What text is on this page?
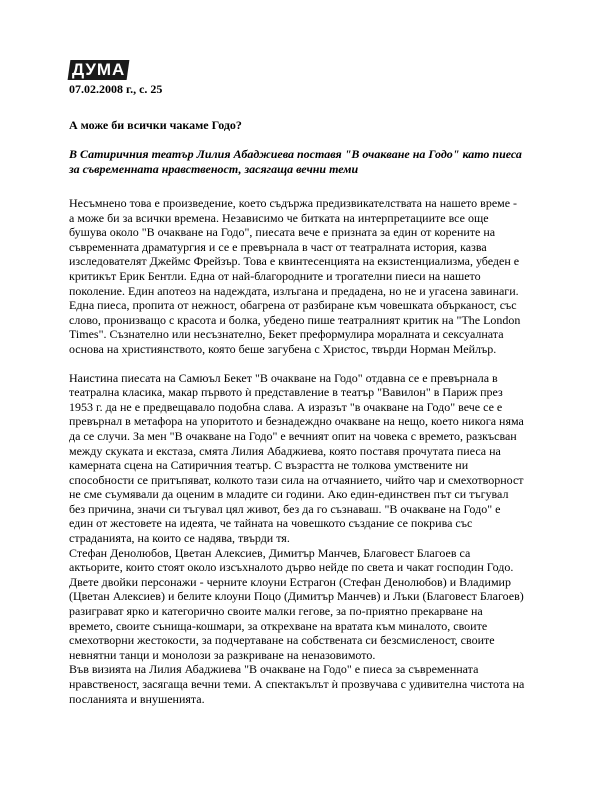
ДУМА
07.02.2008 г., с. 25
А може би всички чакаме Годо?
В Сатиричния театър Лилия Абаджиева поставя "В очакване на Годо" като пиеса за съвременната нравственост, засягаща вечни теми

Несъмнено това е произведение, което съдържа предизвикателствата на нашето време - а може би за всички времена. Независимо че битката на интерпретациите все още бушува около "В очакване на Годо", пиесата вече е призната за един от корените на съвременната драматургия и се е превърнала в част от театралната история, казва изследователят Джеймс Фрейзър. Това е квинтесенцията на екзистенциализма, убеден е критикът Ерик Бентли. Една от най-благородните и трогателни пиеси на нашето поколение. Един апотеоз на надеждата, излъгана и предадена, но не и угасена завинаги. Една пиеса, пропита от нежност, обагрена от разбиране към човешката обърканост, със слово, пронизващо с красота и болка, убедено пише театралният критик на "The London Times". Съзнателно или несъзнателно, Бекет преформулира моралната и сексуалната основа на християнството, която беше загубена с Христос, твърди Норман Мейлър.

Наистина пиесата на Самюъл Бекет "В очакване на Годо" отдавна се е превърнала в театрална класика, макар първото ѝ представление в театър "Вавилон" в Париж през 1953 г. да не е предвещавало подобна слава. А изразът "в очакване на Годо" вече се е превърнал в метафора на упоритото и безнадеждно очакване на нещо, което никога няма да се случи. За мен "В очакване на Годо" е вечният опит на човека с времето, разкъсван между скуката и екстаза, смята Лилия Абаджиева, която поставя прочутата пиеса на камерната сцена на Сатиричния театър. С възрастта не толкова умствените ни способности се притъпяват, колкото тази сила на отчаянието, чийто чар и смехотворност не сме съумявали да оценим в младите си години. Ако един-единствен път си тъгувал без причина, значи си тъгувал цял живот, без да го съзнаваш. "В очакване на Годо" е един от жестовете на идеята, че тайната на човешкото създание се покрива със страданията, на които се надява, твърди тя.

Стефан Денолюбов, Цветан Алексиев, Димитър Манчев, Благовест Благоев са актьорите, които стоят около изсъхналото дърво нейде по света и чакат господин Годо. Двете двойки персонажи - черните клоуни Естрагон (Стефан Денолюбов) и Владимир (Цветан Алексиев) и белите клоуни Поцо (Димитър Манчев) и Лъки (Благовест Благоев) разиграват ярко и категорично своите малки гегове, за по-приятно прекарване на времето, своите сънища-кошмари, за открехване на вратата към миналото, своите смехотворни жестокости, за подчертаване на собствената си безсмисленост, своите невнятни танци и монолози за разкриване на неназовимото.

Във визията на Лилия Абаджиева "В очакване на Годо" е пиеса за съвременната нравственост, засягаща вечни теми. А спектакълът ѝ прозвучава с удивителна чистота на посланията и внушенията.
